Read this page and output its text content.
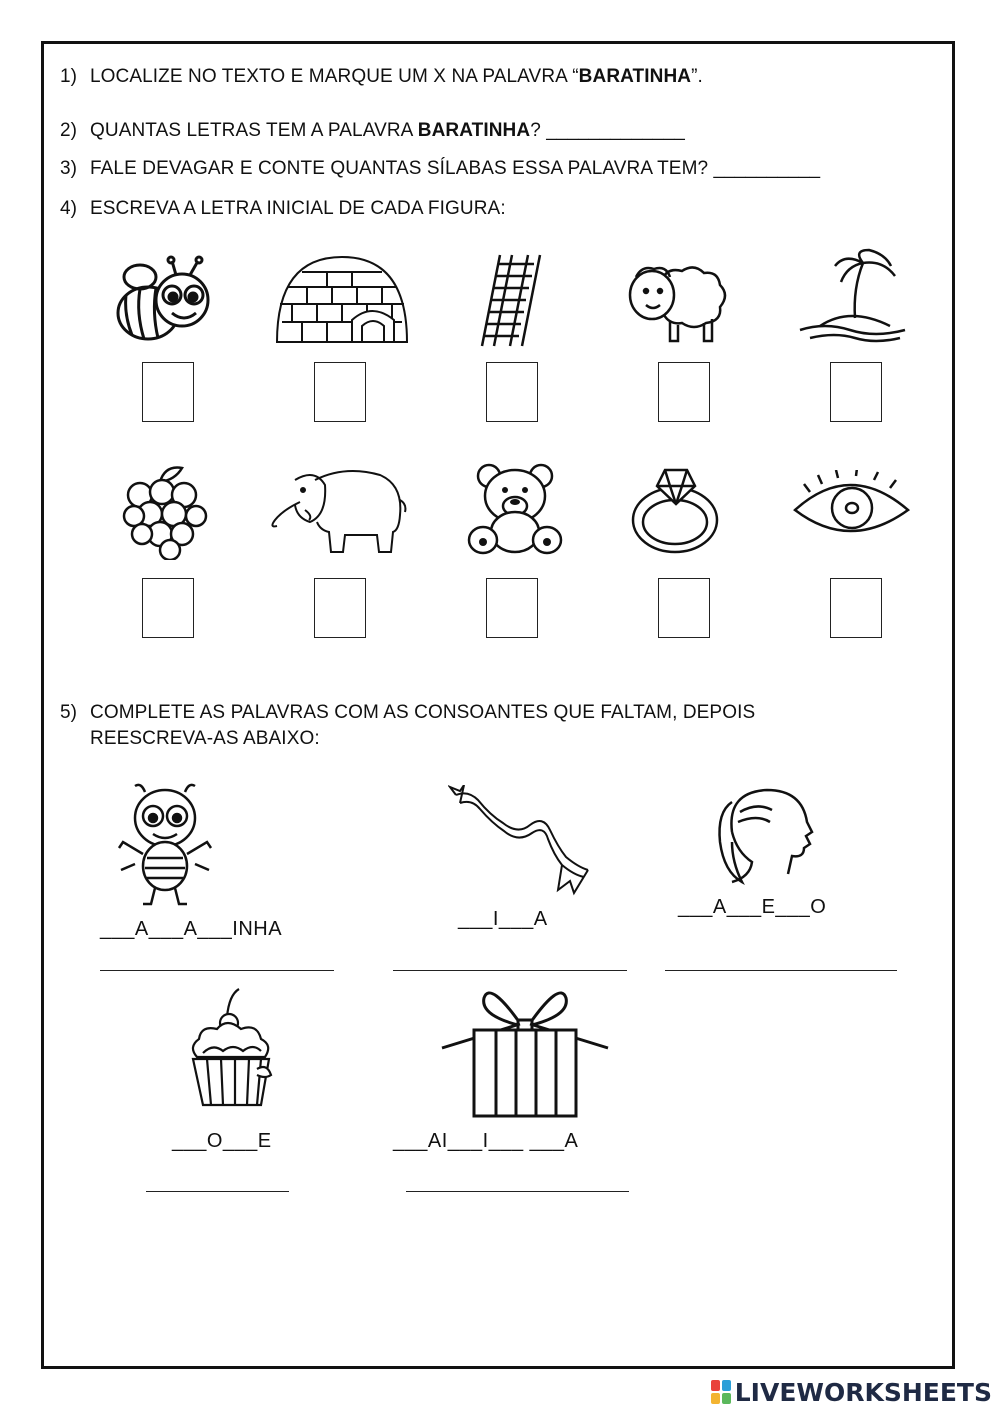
1) LOCALIZE NO TEXTO E MARQUE UM X NA PALAVRA “BARATINHA”.
2) QUANTAS LETRAS TEM A PALAVRA BARATINHA? _____________
3) FALE DEVAGAR E CONTE QUANTAS SÍLABAS ESSA PALAVRA TEM? __________
4) ESCREVA A LETRA INICIAL DE CADA FIGURA:
5) COMPLETE AS PALAVRAS COM AS CONSOANTES QUE FALTAM, DEPOIS
REESCREVA-AS ABAIXO:
___A___A___INHA	___I___A
___A___E___O
___O___E	___AI___I___ ___A
LIVEWORKSHEETS
